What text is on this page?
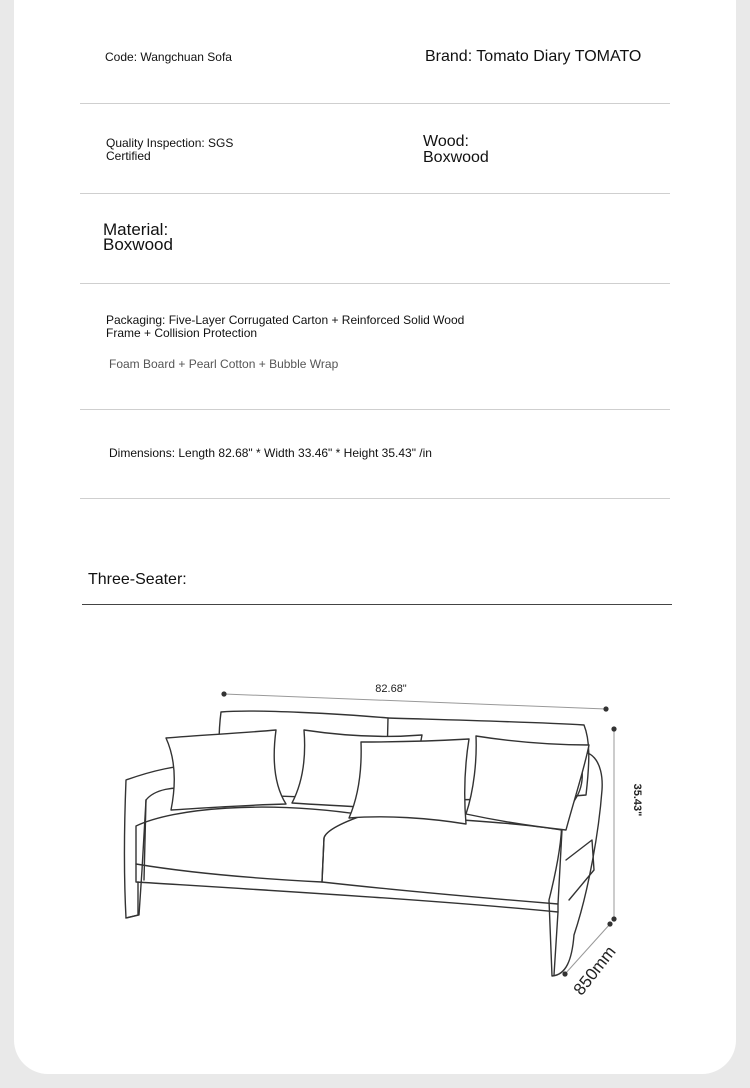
Code: Wangchuan Sofa	Brand: Tomato Diary TOMATO
Quality Inspection: SGS
Certified
Wood:
Boxwood
Material:
Boxwood
Packaging: Five-Layer Corrugated Carton + Reinforced Solid Wood
Frame + Collision Protection
Foam Board + Pearl Cotton + Bubble Wrap
Dimensions: Length 82.68" * Width 33.46" * Height 35.43" /in
Three-Seater:
82.68"
35.43"
850mm
